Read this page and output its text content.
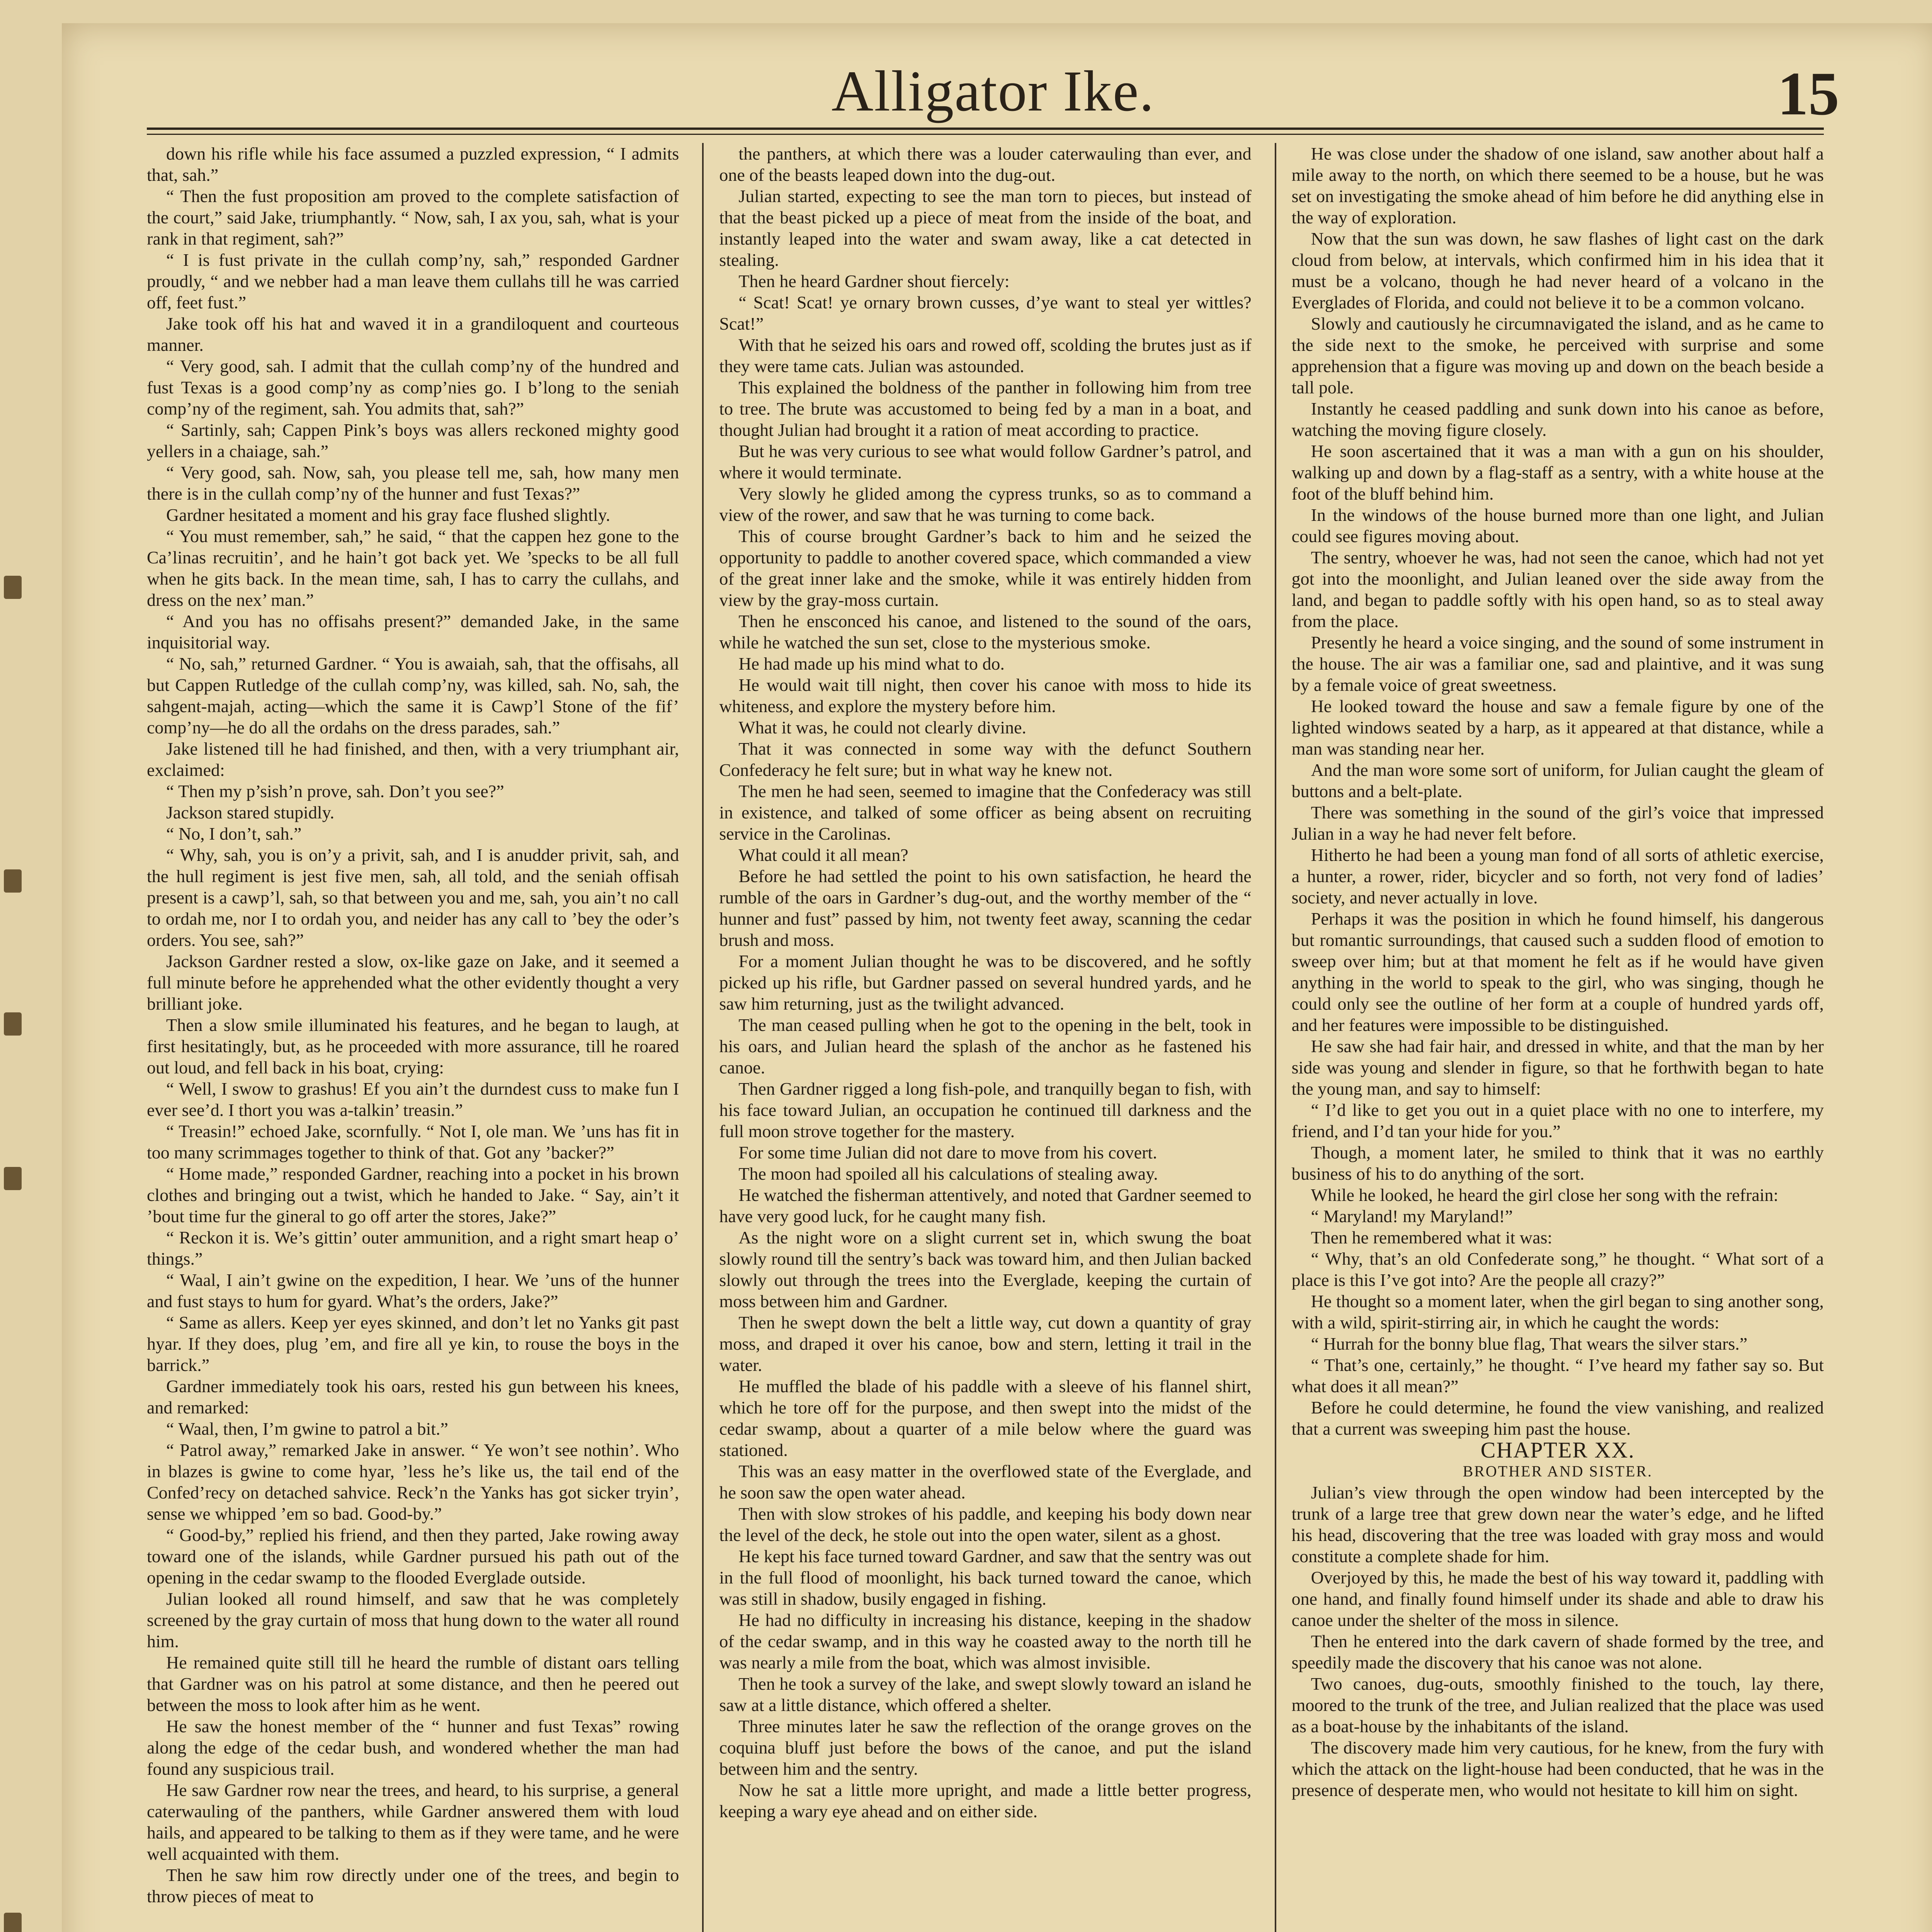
Alligator Ike.	15

down his rifle while his face assumed a puzzled expression, “ I admits that, sah.”

“ Then the fust proposition am proved to the complete satisfaction of the court,” said Jake, triumphantly. “ Now, sah, I ax you, sah, what is your rank in that regiment, sah?”

“ I is fust private in the cullah comp’ny, sah,” responded Gardner proudly, “ and we nebber had a man leave them cullahs till he was carried off, feet fust.”

Jake took off his hat and waved it in a grandiloquent and courteous manner.

“ Very good, sah. I admit that the cullah comp’ny of the hundred and fust Texas is a good comp’ny as comp’nies go. I b’long to the seniah comp’ny of the regiment, sah. You admits that, sah?”

“ Sartinly, sah; Cappen Pink’s boys was allers reckoned mighty good yellers in a chaiage, sah.”

“ Very good, sah. Now, sah, you please tell me, sah, how many men there is in the cullah comp’ny of the hunner and fust Texas?”

Gardner hesitated a moment and his gray face flushed slightly.

“ You must remember, sah,” he said, “ that the cappen hez gone to the Ca’linas recruitin’, and he hain’t got back yet. We ’specks to be all full when he gits back. In the mean time, sah, I has to carry the cullahs, and dress on the nex’ man.”

“ And you has no offisahs present?” demanded Jake, in the same inquisitorial way.

“ No, sah,” returned Gardner. “ You is awaiah, sah, that the offisahs, all but Cappen Rutledge of the cullah comp’ny, was killed, sah. No, sah, the sahgent-majah, acting—which the same it is Cawp’l Stone of the fif’ comp’ny—he do all the ordahs on the dress parades, sah.”

Jake listened till he had finished, and then, with a very triumphant air, exclaimed:

“ Then my p’sish’n prove, sah. Don’t you see?”

Jackson stared stupidly.

“ No, I don’t, sah.”

“ Why, sah, you is on’y a privit, sah, and I is anudder privit, sah, and the hull regiment is jest five men, sah, all told, and the seniah offisah present is a cawp’l, sah, so that between you and me, sah, you ain’t no call to ordah me, nor I to ordah you, and neider has any call to ’bey the oder’s orders. You see, sah?”

Jackson Gardner rested a slow, ox-like gaze on Jake, and it seemed a full minute before he apprehended what the other evidently thought a very brilliant joke.

Then a slow smile illuminated his features, and he began to laugh, at first hesitatingly, but, as he proceeded with more assurance, till he roared out loud, and fell back in his boat, crying:

“ Well, I swow to grashus! Ef you ain’t the durndest cuss to make fun I ever see’d. I thort you was a-talkin’ treasin.”

“ Treasin!” echoed Jake, scornfully. “ Not I, ole man. We ’uns has fit in too many scrimmages together to think of that. Got any ’backer?”

“ Home made,” responded Gardner, reaching into a pocket in his brown clothes and bringing out a twist, which he handed to Jake. “ Say, ain’t it ’bout time fur the gineral to go off arter the stores, Jake?”

“ Reckon it is. We’s gittin’ outer ammunition, and a right smart heap o’ things.”

“ Waal, I ain’t gwine on the expedition, I hear. We ’uns of the hunner and fust stays to hum for gyard. What’s the orders, Jake?”

“ Same as allers. Keep yer eyes skinned, and don’t let no Yanks git past hyar. If they does, plug ’em, and fire all ye kin, to rouse the boys in the barrick.”

Gardner immediately took his oars, rested his gun between his knees, and remarked:

“ Waal, then, I’m gwine to patrol a bit.”

“ Patrol away,” remarked Jake in answer. “ Ye won’t see nothin’. Who in blazes is gwine to come hyar, ’less he’s like us, the tail end of the Confed’recy on detached sahvice. Reck’n the Yanks has got sicker tryin’, sense we whipped ’em so bad. Good-by.”

“ Good-by,” replied his friend, and then they parted, Jake rowing away toward one of the islands, while Gardner pursued his path out of the opening in the cedar swamp to the flooded Everglade outside.

Julian looked all round himself, and saw that he was completely screened by the gray curtain of moss that hung down to the water all round him.

He remained quite still till he heard the rumble of distant oars telling that Gardner was on his patrol at some distance, and then he peered out between the moss to look after him as he went.

He saw the honest member of the “ hunner and fust Texas” rowing along the edge of the cedar bush, and wondered whether the man had found any suspicious trail.

He saw Gardner row near the trees, and heard, to his surprise, a general caterwauling of the panthers, while Gardner answered them with loud hails, and appeared to be talking to them as if they were tame, and he were well acquainted with them.

Then he saw him row directly under one of the trees, and begin to throw pieces of meat to

the panthers, at which there was a louder caterwauling than ever, and one of the beasts leaped down into the dug-out.

Julian started, expecting to see the man torn to pieces, but instead of that the beast picked up a piece of meat from the inside of the boat, and instantly leaped into the water and swam away, like a cat detected in stealing.

Then he heard Gardner shout fiercely:

“ Scat! Scat! ye ornary brown cusses, d’ye want to steal yer wittles? Scat!”

With that he seized his oars and rowed off, scolding the brutes just as if they were tame cats. Julian was astounded.

This explained the boldness of the panther in following him from tree to tree. The brute was accustomed to being fed by a man in a boat, and thought Julian had brought it a ration of meat according to practice.

But he was very curious to see what would follow Gardner’s patrol, and where it would terminate.

Very slowly he glided among the cypress trunks, so as to command a view of the rower, and saw that he was turning to come back.

This of course brought Gardner’s back to him and he seized the opportunity to paddle to another covered space, which commanded a view of the great inner lake and the smoke, while it was entirely hidden from view by the gray-moss curtain.

Then he ensconced his canoe, and listened to the sound of the oars, while he watched the sun set, close to the mysterious smoke.

He had made up his mind what to do.

He would wait till night, then cover his canoe with moss to hide its whiteness, and explore the mystery before him.

What it was, he could not clearly divine.

That it was connected in some way with the defunct Southern Confederacy he felt sure; but in what way he knew not.

The men he had seen, seemed to imagine that the Confederacy was still in existence, and talked of some officer as being absent on recruiting service in the Carolinas.

What could it all mean?

Before he had settled the point to his own satisfaction, he heard the rumble of the oars in Gardner’s dug-out, and the worthy member of the “ hunner and fust” passed by him, not twenty feet away, scanning the cedar brush and moss.

For a moment Julian thought he was to be discovered, and he softly picked up his rifle, but Gardner passed on several hundred yards, and he saw him returning, just as the twilight advanced.

The man ceased pulling when he got to the opening in the belt, took in his oars, and Julian heard the splash of the anchor as he fastened his canoe.

Then Gardner rigged a long fish-pole, and tranquilly began to fish, with his face toward Julian, an occupation he continued till darkness and the full moon strove together for the mastery.

For some time Julian did not dare to move from his covert.

The moon had spoiled all his calculations of stealing away.

He watched the fisherman attentively, and noted that Gardner seemed to have very good luck, for he caught many fish.

As the night wore on a slight current set in, which swung the boat slowly round till the sentry’s back was toward him, and then Julian backed slowly out through the trees into the Everglade, keeping the curtain of moss between him and Gardner.

Then he swept down the belt a little way, cut down a quantity of gray moss, and draped it over his canoe, bow and stern, letting it trail in the water.

He muffled the blade of his paddle with a sleeve of his flannel shirt, which he tore off for the purpose, and then swept into the midst of the cedar swamp, about a quarter of a mile below where the guard was stationed.

This was an easy matter in the overflowed state of the Everglade, and he soon saw the open water ahead.

Then with slow strokes of his paddle, and keeping his body down near the level of the deck, he stole out into the open water, silent as a ghost.

He kept his face turned toward Gardner, and saw that the sentry was out in the full flood of moonlight, his back turned toward the canoe, which was still in shadow, busily engaged in fishing.

He had no difficulty in increasing his distance, keeping in the shadow of the cedar swamp, and in this way he coasted away to the north till he was nearly a mile from the boat, which was almost invisible.

Then he took a survey of the lake, and swept slowly toward an island he saw at a little distance, which offered a shelter.

Three minutes later he saw the reflection of the orange groves on the coquina bluff just before the bows of the canoe, and put the island between him and the sentry.

Now he sat a little more upright, and made a little better progress, keeping a wary eye ahead and on either side.

He was close under the shadow of one island, saw another about half a mile away to the north, on which there seemed to be a house, but he was set on investigating the smoke ahead of him before he did anything else in the way of exploration.

Now that the sun was down, he saw flashes of light cast on the dark cloud from below, at intervals, which confirmed him in his idea that it must be a volcano, though he had never heard of a volcano in the Everglades of Florida, and could not believe it to be a common volcano.

Slowly and cautiously he circumnavigated the island, and as he came to the side next to the smoke, he perceived with surprise and some apprehension that a figure was moving up and down on the beach beside a tall pole.

Instantly he ceased paddling and sunk down into his canoe as before, watching the moving figure closely.

He soon ascertained that it was a man with a gun on his shoulder, walking up and down by a flag-staff as a sentry, with a white house at the foot of the bluff behind him.

In the windows of the house burned more than one light, and Julian could see figures moving about.

The sentry, whoever he was, had not seen the canoe, which had not yet got into the moonlight, and Julian leaned over the side away from the land, and began to paddle softly with his open hand, so as to steal away from the place.

Presently he heard a voice singing, and the sound of some instrument in the house. The air was a familiar one, sad and plaintive, and it was sung by a female voice of great sweetness.

He looked toward the house and saw a female figure by one of the lighted windows seated by a harp, as it appeared at that distance, while a man was standing near her.

And the man wore some sort of uniform, for Julian caught the gleam of buttons and a belt-plate.

There was something in the sound of the girl’s voice that impressed Julian in a way he had never felt before.

Hitherto he had been a young man fond of all sorts of athletic exercise, a hunter, a rower, rider, bicycler and so forth, not very fond of ladies’ society, and never actually in love.

Perhaps it was the position in which he found himself, his dangerous but romantic surroundings, that caused such a sudden flood of emotion to sweep over him; but at that moment he felt as if he would have given anything in the world to speak to the girl, who was singing, though he could only see the outline of her form at a couple of hundred yards off, and her features were impossible to be distinguished.

He saw she had fair hair, and dressed in white, and that the man by her side was young and slender in figure, so that he forthwith began to hate the young man, and say to himself:

“ I’d like to get you out in a quiet place with no one to interfere, my friend, and I’d tan your hide for you.”

Though, a moment later, he smiled to think that it was no earthly business of his to do anything of the sort.

While he looked, he heard the girl close her song with the refrain:

“ Maryland! my Maryland!”

Then he remembered what it was:

“ Why, that’s an old Confederate song,” he thought. “ What sort of a place is this I’ve got into? Are the people all crazy?”

He thought so a moment later, when the girl began to sing another song, with a wild, spirit-stirring air, in which he caught the words:

“ Hurrah for the bonny blue flag, That wears the silver stars.”

“ That’s one, certainly,” he thought. “ I’ve heard my father say so. But what does it all mean?”

Before he could determine, he found the view vanishing, and realized that a current was sweeping him past the house.

CHAPTER XX.

BROTHER AND SISTER.

Julian’s view through the open window had been intercepted by the trunk of a large tree that grew down near the water’s edge, and he lifted his head, discovering that the tree was loaded with gray moss and would constitute a complete shade for him.

Overjoyed by this, he made the best of his way toward it, paddling with one hand, and finally found himself under its shade and able to draw his canoe under the shelter of the moss in silence.

Then he entered into the dark cavern of shade formed by the tree, and speedily made the discovery that his canoe was not alone.

Two canoes, dug-outs, smoothly finished to the touch, lay there, moored to the trunk of the tree, and Julian realized that the place was used as a boat-house by the inhabitants of the island.

The discovery made him very cautious, for he knew, from the fury with which the attack on the light-house had been conducted, that he was in the presence of desperate men, who would not hesitate to kill him on sight.
